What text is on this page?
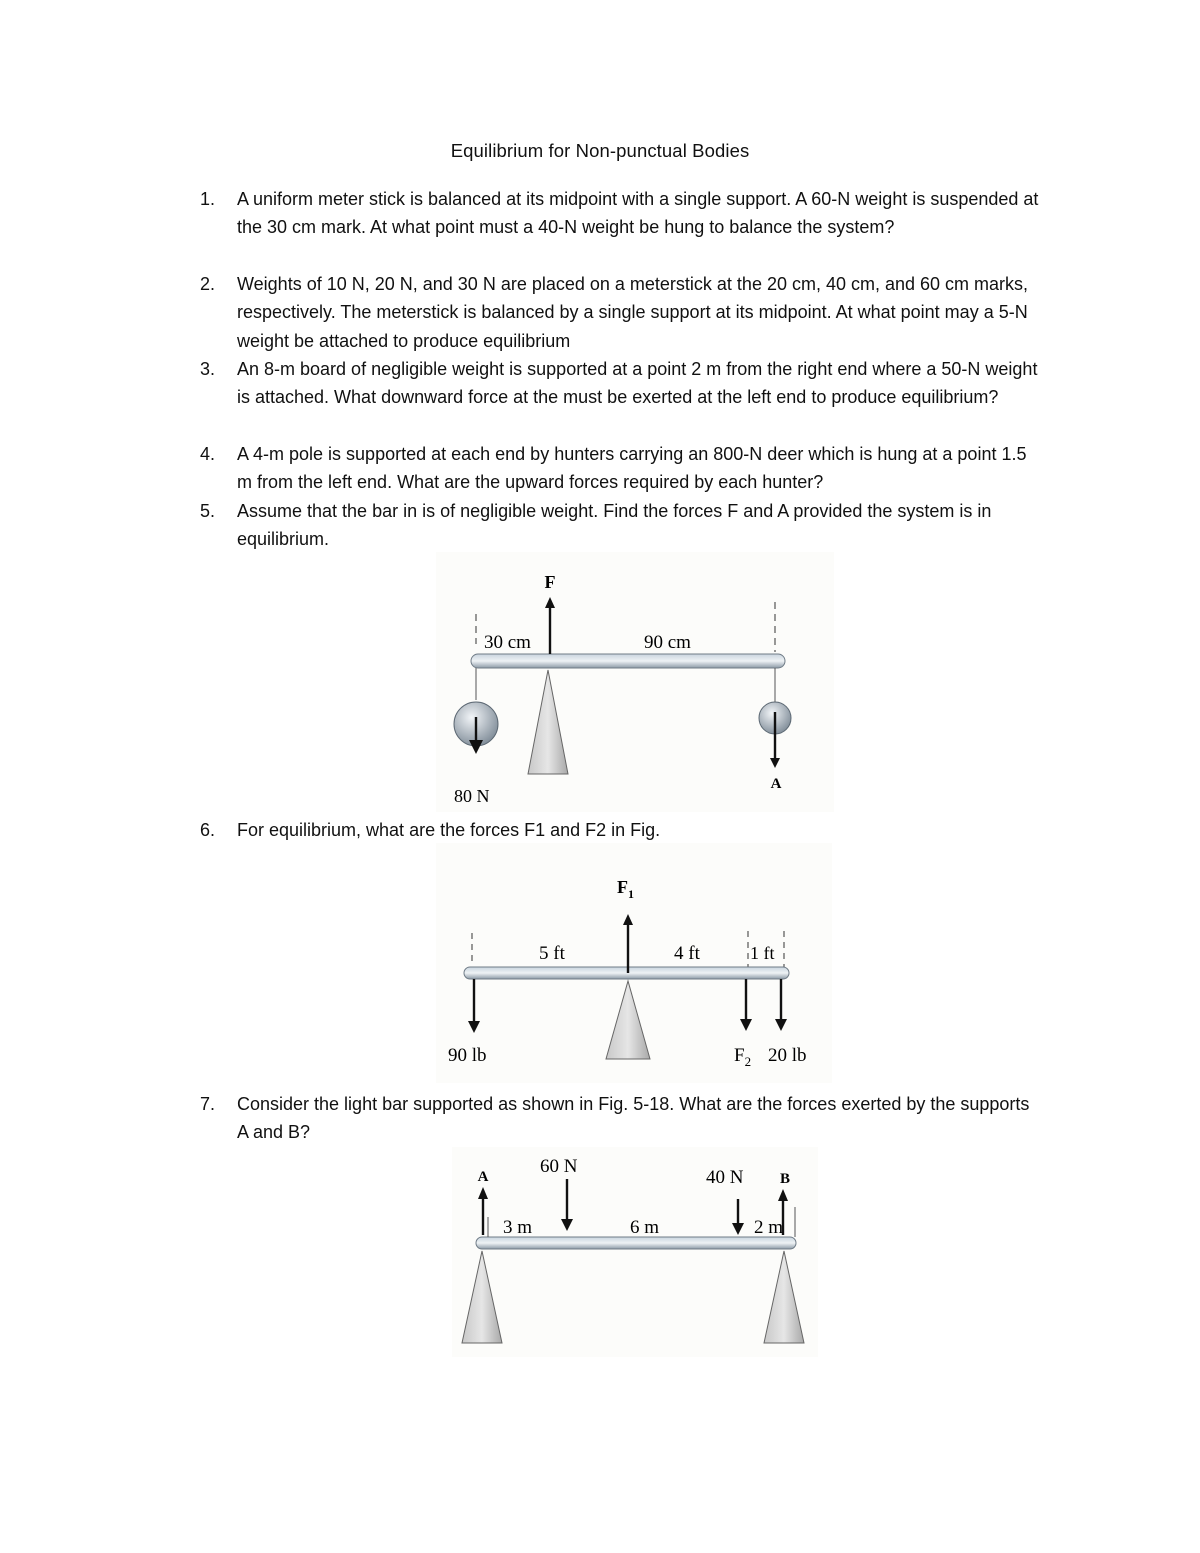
Equilibrium for Non-punctual Bodies
1. A uniform meter stick is balanced at its midpoint with a single support. A 60-N weight is suspended at the 30 cm mark. At what point must a 40-N weight be hung to balance the system?
2. Weights of 10 N, 20 N, and 30 N are placed on a meterstick at the 20 cm, 40 cm, and 60 cm marks, respectively. The meterstick is balanced by a single support at its midpoint. At what point may a 5-N weight be attached to produce equilibrium
3. An 8-m board of negligible weight is supported at a point 2 m from the right end where a 50-N weight is attached. What downward force at the must be exerted at the left end to produce equilibrium?
4. A 4-m pole is supported at each end by hunters carrying an 800-N deer which is hung at a point 1.5 m from the left end. What are the upward forces required by each hunter?
5. Assume that the bar in is of negligible weight. Find the forces F and A provided the system is in equilibrium.
F
30 cm	90 cm
80 N
A
6. For equilibrium, what are the forces F1 and F2 in Fig.
$F_1$
5 ft	4 ft	1 ft
90 lb	$F_2$ 20 lb
7. Consider the light bar supported as shown in Fig. 5-18. What are the forces exerted by the supports A and B?
A	B
60 N
40 N
3 m	6 m	2 m
